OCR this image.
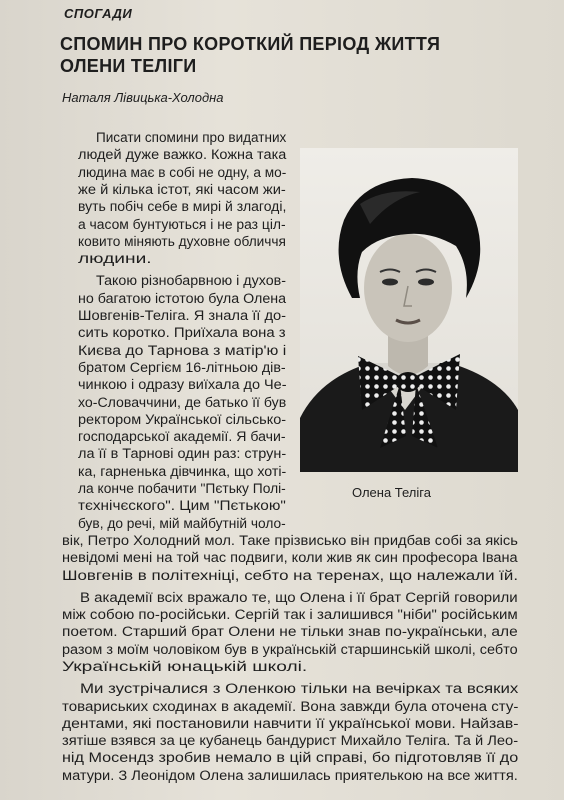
СПОГАДИ
СПОМИН ПРО КОРОТКИЙ ПЕРІОД ЖИТТЯ
ОЛЕНИ ТЕЛІГИ
Наталя Лівицька-Холодна
Олена Теліга
Писати спомини про видатних
людей дуже важко. Кожна така
людина має в собі не одну, а мо-
же й кілька істот, які часом жи-
вуть побіч себе в мирі й злагоді,
а часом бунтуються і не раз ціл-
ковито міняють духовне обличчя
людини.
Такою різнобарвною і духов-
но багатою істотою була Олена
Шовгенів-Теліга. Я знала її до-
сить коротко. Приїхала вона з
Києва до Тарнова з матір'ю і
братом Сергієм 16-літньою дів-
чинкою і одразу виїхала до Че-
хо-Словаччини, де батько її був
ректором Української сільсько-
господарської академії. Я бачи-
ла її в Тарнові один раз: струн-
ка, гарненька дівчинка, що хоті-
ла конче побачити "Пєтьку Полі-
тєхнічєского". Цим "Пєтькою"
був, до речі, мій майбутній чоло-
вік, Петро Холодний мол. Таке прізвисько він придбав собі за якісь
невідомі мені на той час подвиги, коли жив як син професора Івана
Шовгенів в політехніці, себто на теренах, що належали їй.
В академії всіх вражало те, що Олена і її брат Сергій говорили
між собою по-російськи. Сергій так і залишився "ніби" російським
поетом. Старший брат Олени не тільки знав по-українськи, але
разом з моїм чоловіком був в українській старшинській школі, себто
Українській юнацькій школі.
Ми зустрічалися з Оленкою тільки на вечірках та всяких
товариських сходинах в академії. Вона завжди була оточена сту-
дентами, які постановили навчити її української мови. Найзав-
зятіше взявся за це кубанець бандурист Михайло Теліга. Та й Лео-
нід Мосендз зробив немало в цій справі, бо підготовляв її до
матури. З Леонідом Олена залишилась приятелькою на все життя.
